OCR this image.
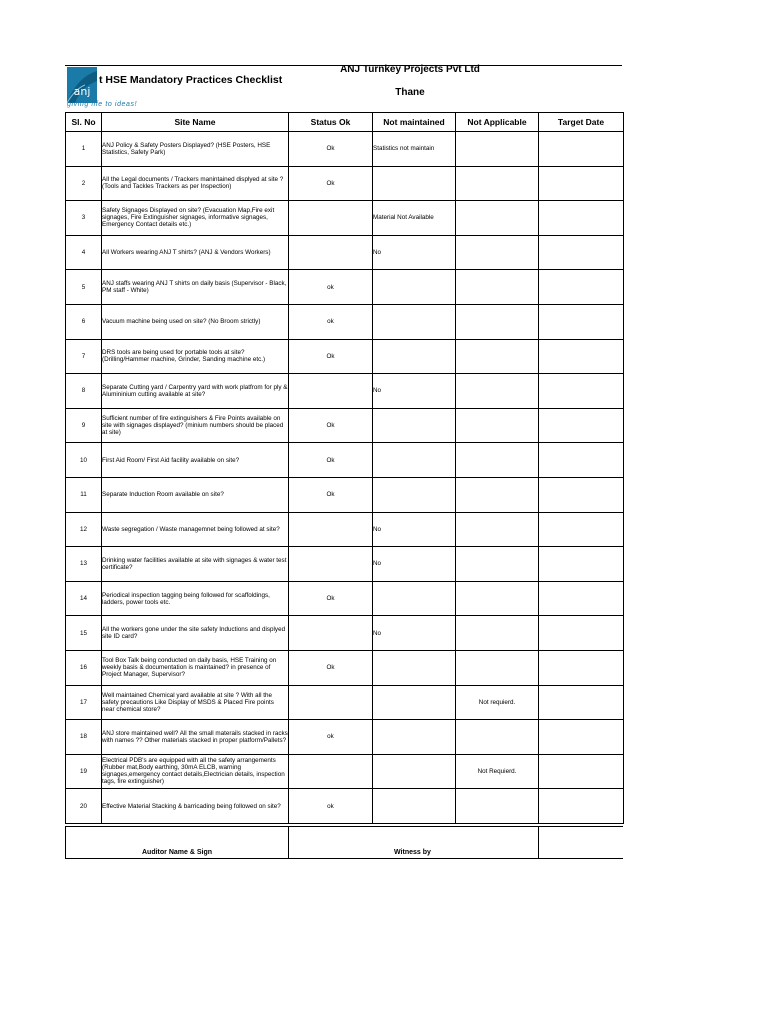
anj
giving life to ideas!
t HSE Mandatory Practices Checklist
ANJ Turnkey Projects Pvt Ltd
Thane
Sl. No	Site Name	Status Ok	Not maintained	Not Applicable	Target Date
1	ANJ Policy & Safety Posters Displayed? (HSE Posters, HSE Statistics, Safety Park)	Ok	Statistics not maintain		
2	All the Legal documents / Trackers manintained displyed at site ?(Tools and Tackles Trackers as per Inspection)	Ok			
3	Safety Signages Displayed on site? (Evacuation Map,Fire exit signages, Fire Extinguisher signages, informative signages, Emergency Contact details etc.)		Material Not Available		
4	All Workers wearing ANJ T shirts? (ANJ & Vendors Workers)		No		
5	ANJ staffs wearing ANJ T shirts on daily basis (Supervisor - Black, PM staff - White)	ok			
6	Vacuum machine being used on site? (No Broom strictly)	ok			
7	DRS tools are being used for portable tools at site? (Drilling/Hammer machine, Grinder, Sanding machine etc.)	Ok			
8	Separate Cutting yard / Carpentry yard with work platfrom for ply & Alumininium cutting available at site?		No		
9	Sufficient number of fire extinguishers & Fire Points available on site with signages displayed? (minium numbers should be placed at site)	Ok			
10	First Aid Room/ First Aid facility available on site?	Ok			
11	Separate Induction Room available on site?	Ok			
12	Waste segregation / Waste managemnet being followed at site?		No		
13	Drinking water facilities available at site with signages & water test certificate?		No		
14	Periodical inspection tagging being followed for scaffoldings, ladders, power tools etc.	Ok			
15	All the workers gone under the site safety Inductions and displyed site ID card?		No		
16	Tool Box Talk being conducted on daily basis, HSE Training on weekly basis & documentation is maintained? in presence of Project Manager, Supervisor?	Ok			
17	Well maintained Chemical yard available at site ? With all the safety precautions Like Display of MSDS & Placed Fire points near chemical store?			Not requierd.	
18	ANJ store maintained well? All the small materails stacked in racks with names ?? Other materials stacked in proper platform/Pallets?	ok			
19	Electrical PDB's are equipped with all the safety arrangements (Rubber mat,Body earthing, 30mA ELCB, warning signages,emergency contact details,Electrician details, inspection tags, fire extinguisher)			Not Requierd.	
20	Effective Material Stacking & barricading being followed on site?	ok			
Auditor Name & Sign	Witness by
